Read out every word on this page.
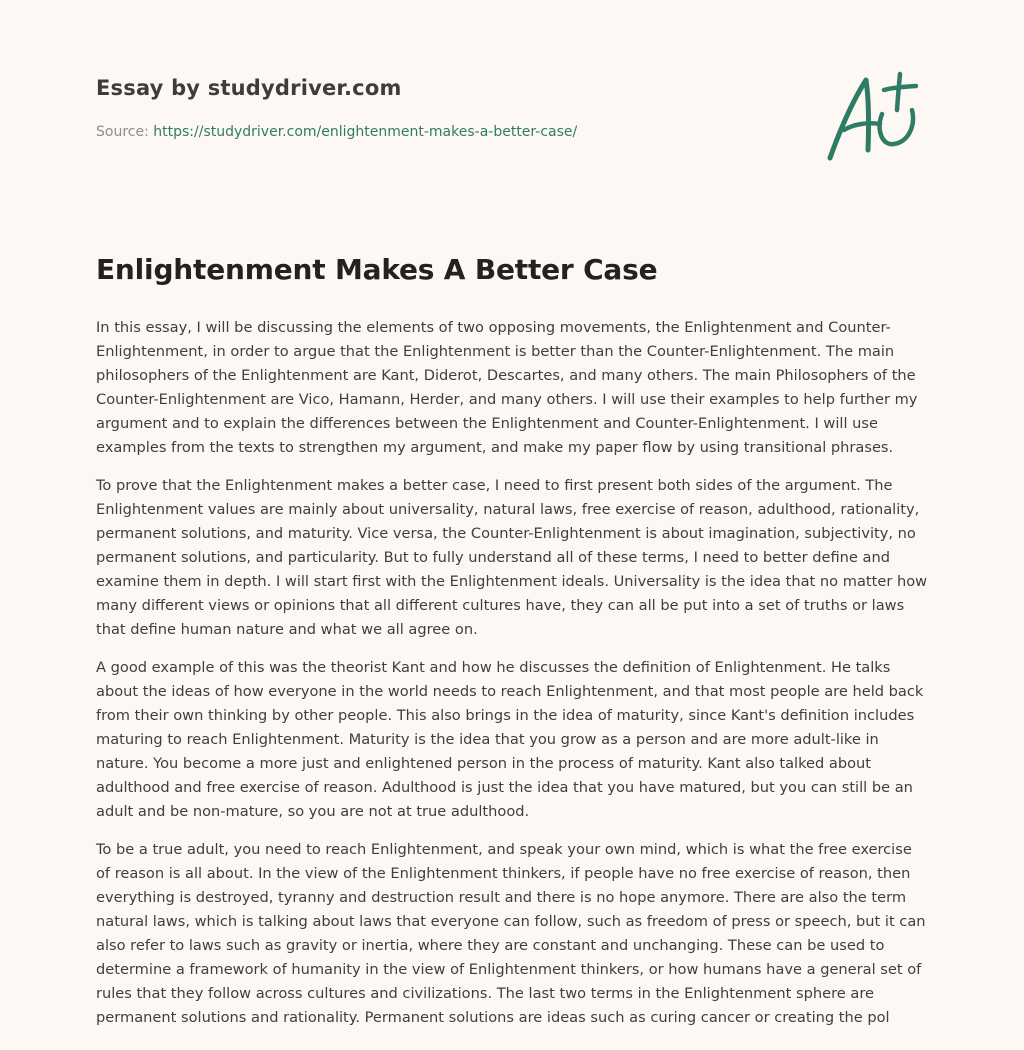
Essay by studydriver.com
Source: https://studydriver.com/enlightenment-makes-a-better-case/
Enlightenment Makes A Better Case

In this essay, I will be discussing the elements of two opposing movements, the Enlightenment and Counter-Enlightenment, in order to argue that the Enlightenment is better than the Counter-Enlightenment. The main philosophers of the Enlightenment are Kant, Diderot, Descartes, and many others. The main Philosophers of the Counter-Enlightenment are Vico, Hamann, Herder, and many others. I will use their examples to help further my argument and to explain the differences between the Enlightenment and Counter-Enlightenment. I will use examples from the texts to strengthen my argument, and make my paper flow by using transitional phrases.

To prove that the Enlightenment makes a better case, I need to first present both sides of the argument. The Enlightenment values are mainly about universality, natural laws, free exercise of reason, adulthood, rationality, permanent solutions, and maturity. Vice versa, the Counter-Enlightenment is about imagination, subjectivity, no permanent solutions, and particularity. But to fully understand all of these terms, I need to better define and examine them in depth. I will start first with the Enlightenment ideals. Universality is the idea that no matter how many different views or opinions that all different cultures have, they can all be put into a set of truths or laws that define human nature and what we all agree on.

A good example of this was the theorist Kant and how he discusses the definition of Enlightenment. He talks about the ideas of how everyone in the world needs to reach Enlightenment, and that most people are held back from their own thinking by other people. This also brings in the idea of maturity, since Kant's definition includes maturing to reach Enlightenment. Maturity is the idea that you grow as a person and are more adult-like in nature. You become a more just and enlightened person in the process of maturity. Kant also talked about adulthood and free exercise of reason. Adulthood is just the idea that you have matured, but you can still be an adult and be non-mature, so you are not at true adulthood.

To be a true adult, you need to reach Enlightenment, and speak your own mind, which is what the free exercise of reason is all about. In the view of the Enlightenment thinkers, if people have no free exercise of reason, then everything is destroyed, tyranny and destruction result and there is no hope anymore. There are also the term natural laws, which is talking about laws that everyone can follow, such as freedom of press or speech, but it can also refer to laws such as gravity or inertia, where they are constant and unchanging. These can be used to determine a framework of humanity in the view of Enlightenment thinkers, or how humans have a general set of rules that they follow across cultures and civilizations. The last two terms in the Enlightenment sphere are permanent solutions and rationality. Permanent solutions are ideas such as curing cancer or creating the pol
